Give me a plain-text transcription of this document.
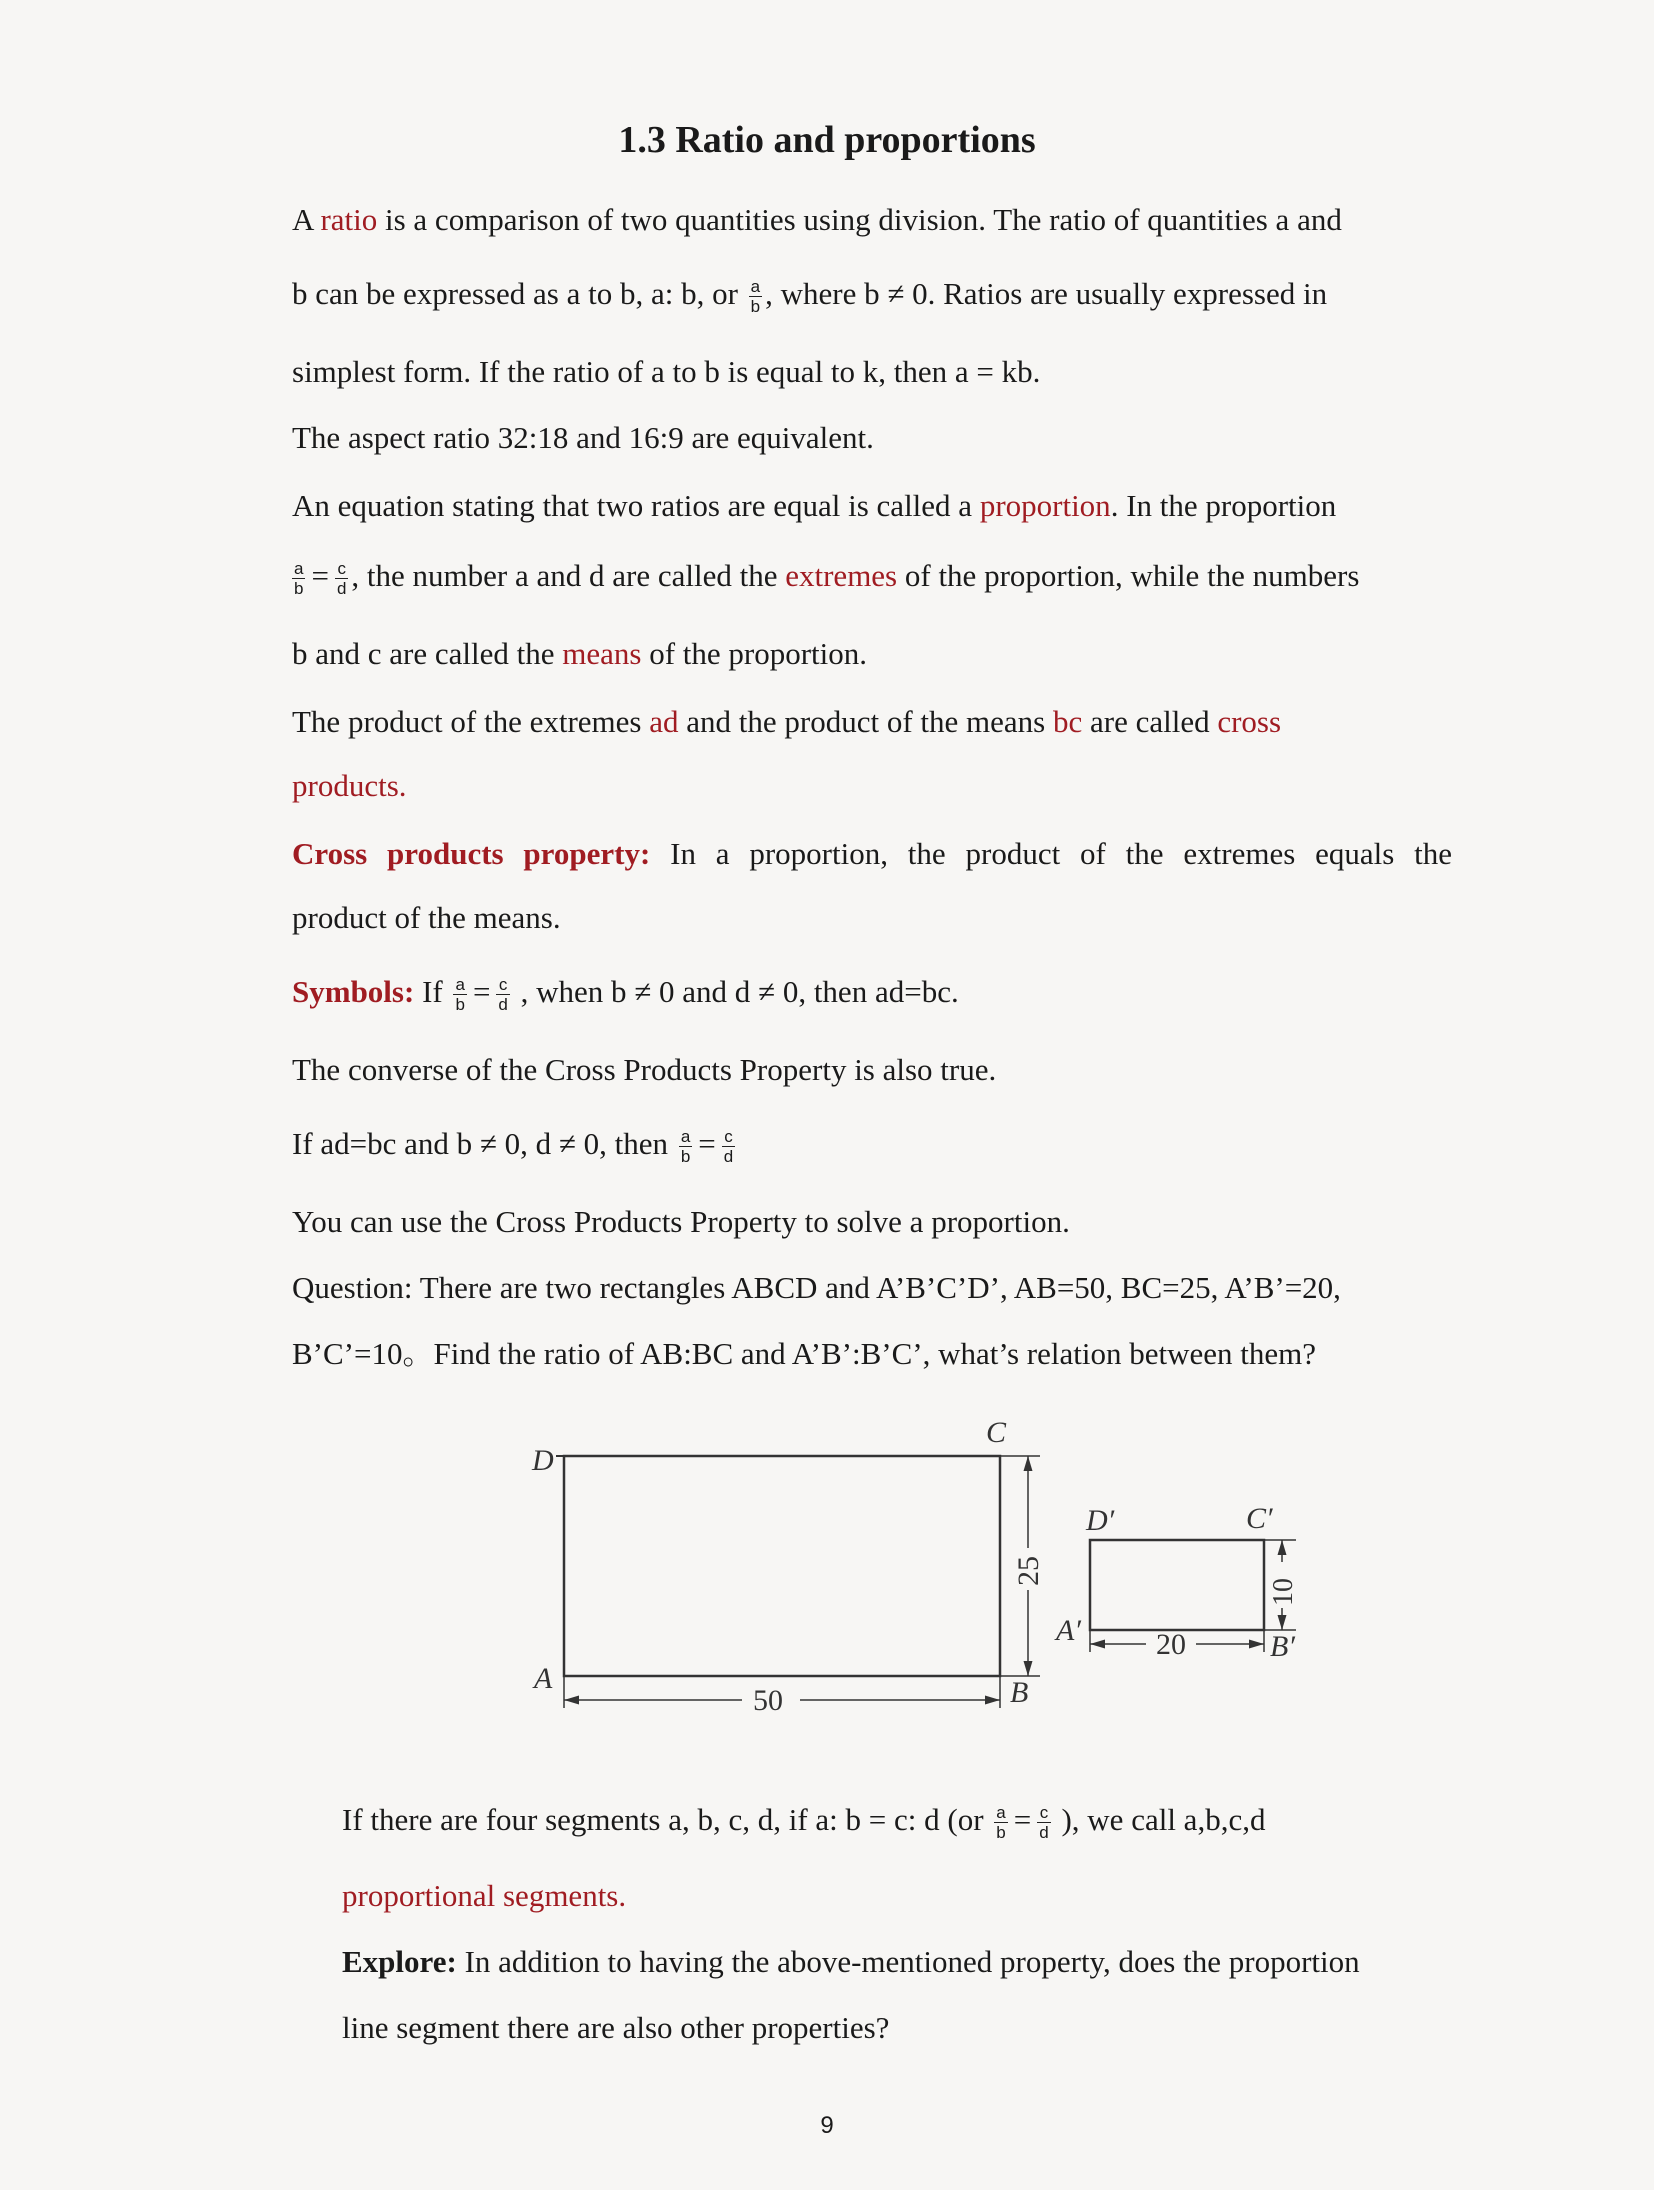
1.3 Ratio and proportions
A ratio is a comparison of two quantities using division. The ratio of quantities a and
b can be expressed as a to b, a: b, or $\frac{a}{b}$ , where b ≠ 0. Ratios are usually expressed in
simplest form. If the ratio of a to b is equal to k, then a = kb.
The aspect ratio 32:18 and 16:9 are equivalent.
An equation stating that two ratios are equal is called a proportion. In the proportion
$\frac{a}{b} = \frac{c}{d}$ , the number a and d are called the extremes of the proportion, while the numbers
b and c are called the means of the proportion.
The product of the extremes ad and the product of the means bc are called cross
products.
Cross products property: In a proportion, the product of the extremes equals the
product of the means.
Symbols: If $\frac{a}{b} = \frac{c}{d}$ , when b ≠ 0 and d ≠ 0, then ad=bc.
The converse of the Cross Products Property is also true.
If ad=bc and b ≠ 0, d ≠ 0, then $\frac{a}{b} = \frac{c}{d}$
You can use the Cross Products Property to solve a proportion.
Question: There are two rectangles ABCD and A’B’C’D’, AB=50, BC=25, A’B’=20,
B’C’=10。Find the ratio of AB:BC and A’B’:B’C’, what’s relation between them?
D
C
A	B
50
25
D′	C′
A′	B′
20
10
If there are four segments a, b, c, d, if a: b = c: d ($or \frac{a}{b} = \frac{c}{d}$ ), we call a,b,c,d
proportional segments.
Explore: In addition to having the above-mentioned property, does the proportion
line segment there are also other properties?
9
